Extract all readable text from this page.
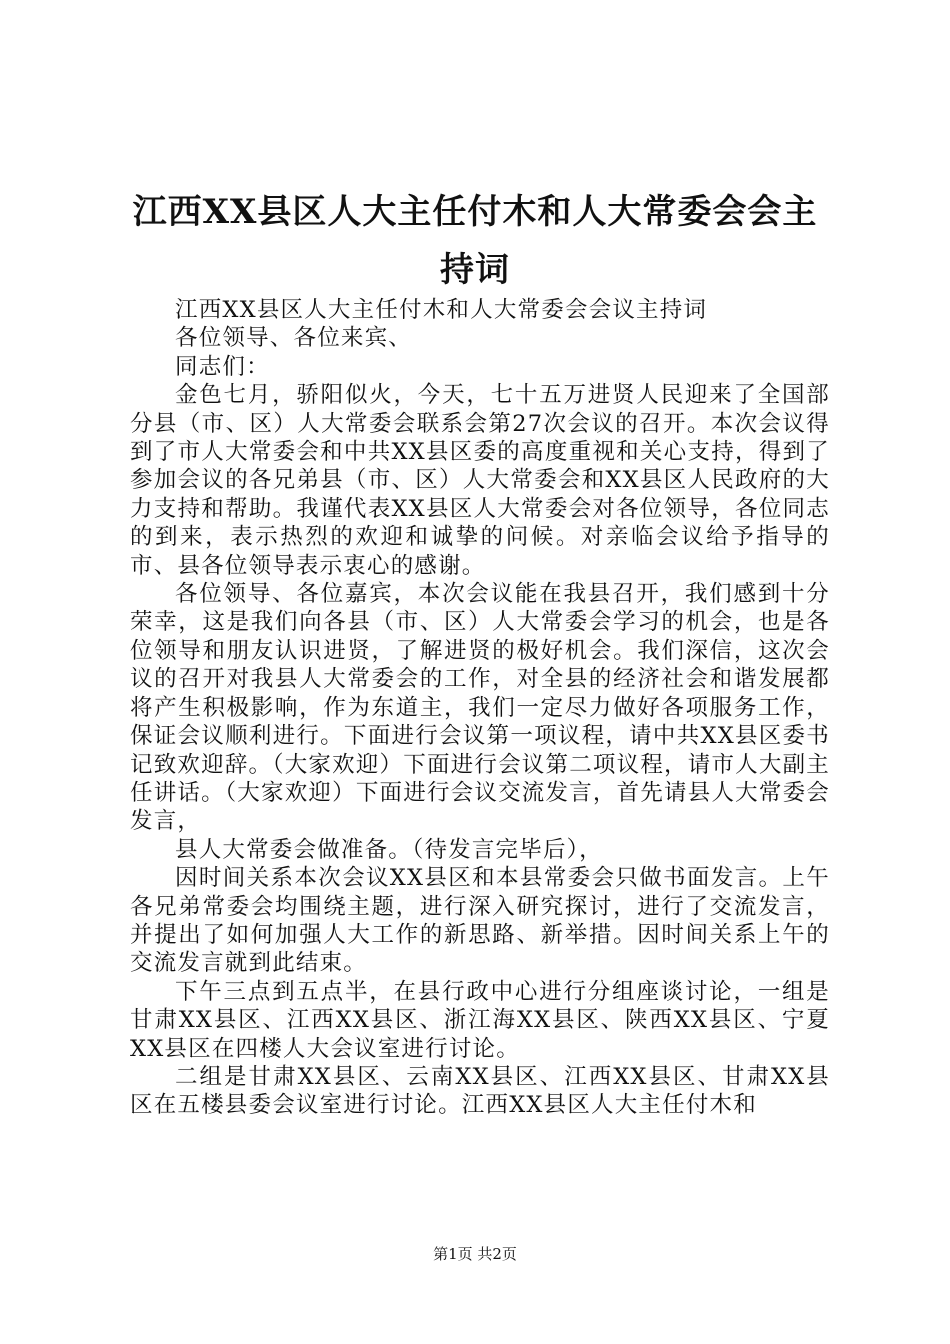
江西XX县区人大主任付木和人大常委会会主持词

江西XX县区人大主任付木和人大常委会会议主持词

各位领导、各位来宾、

同志们：

金色七月，骄阳似火，今天，七十五万进贤人民迎来了全国部分县（市、区）人大常委会联系会第27次会议的召开。本次会议得到了市人大常委会和中共XX县区委的高度重视和关心支持，得到了参加会议的各兄弟县（市、区）人大常委会和XX县区人民政府的大力支持和帮助。我谨代表XX县区人大常委会对各位领导，各位同志的到来，表示热烈的欢迎和诚挚的问候。对亲临会议给予指导的市、县各位领导表示衷心的感谢。

各位领导、各位嘉宾，本次会议能在我县召开，我们感到十分荣幸，这是我们向各县（市、区）人大常委会学习的机会，也是各位领导和朋友认识进贤，了解进贤的极好机会。我们深信，这次会议的召开对我县人大常委会的工作，对全县的经济社会和谐发展都将产生积极影响，作为东道主，我们一定尽力做好各项服务工作，保证会议顺利进行。下面进行会议第一项议程，请中共XX县区委书记致欢迎辞。（大家欢迎）下面进行会议第二项议程，请市人大副主任讲话。（大家欢迎）下面进行会议交流发言，首先请县人大常委会发言，

县人大常委会做准备。（待发言完毕后），

因时间关系本次会议XX县区和本县常委会只做书面发言。上午各兄弟常委会均围绕主题，进行深入研究探讨，进行了交流发言，并提出了如何加强人大工作的新思路、新举措。因时间关系上午的交流发言就到此结束。

下午三点到五点半，在县行政中心进行分组座谈讨论，一组是甘肃XX县区、江西XX县区、浙江海XX县区、陕西XX县区、宁夏XX县区在四楼人大会议室进行讨论。

二组是甘肃XX县区、云南XX县区、江西XX县区、甘肃XX县区在五楼县委会议室进行讨论。江西XX县区人大主任付木和

第1页 共2页
